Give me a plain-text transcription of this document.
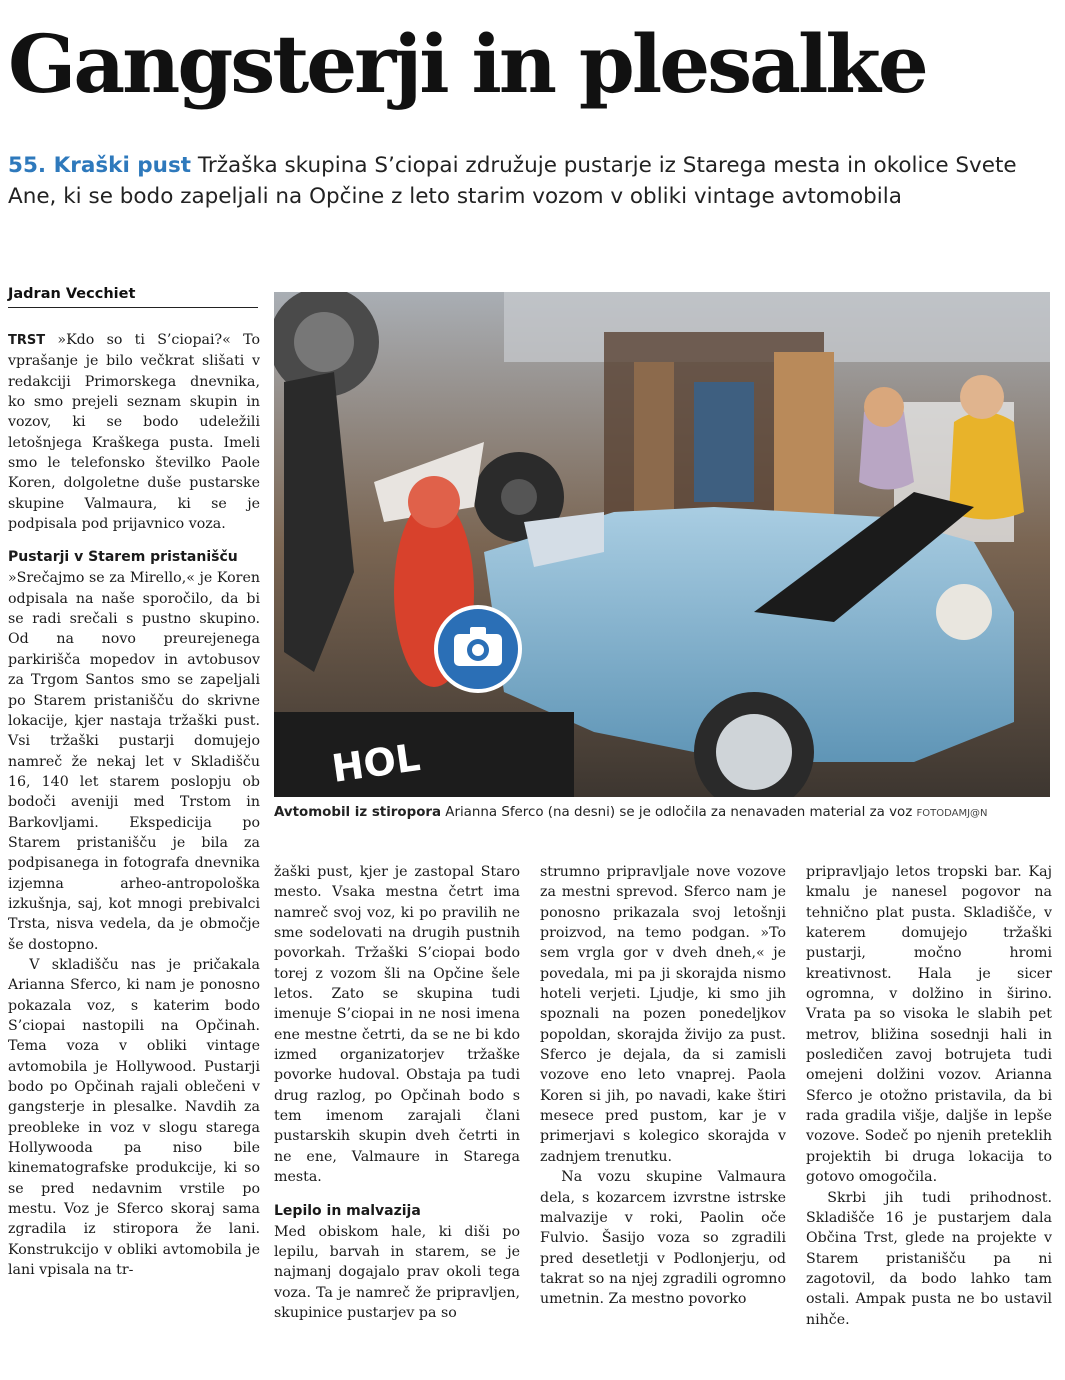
Gangsterji in plesalke

55. Kraški pust Tržaška skupina S’ciopai združuje pustarje iz Starega mesta in okolice Svete Ane, ki se bodo zapeljali na Opčine z leto starim vozom v obliki vintage avtomobila

Jadran Vecchiet
HOL

Avtomobil iz stiropora Arianna Sferco (na desni) se je odločila za nenavaden material za voz FOTODAMJ@N

TRST »Kdo so ti S’ciopai?« To vprašanje je bilo večkrat slišati v redakciji Primorskega dnevnika, ko smo prejeli seznam skupin in vozov, ki se bodo udeležili letošnjega Kraškega pusta. Imeli smo le telefonsko številko Paole Koren, dolgoletne duše pustarske skupine Valmaura, ki se je podpisala pod prijavnico voza.

Pustarji v Starem pristanišču

»Srečajmo se za Mirello,« je Koren odpisala na naše sporočilo, da bi se radi srečali s pustno skupino. Od na novo preurejenega parkirišča mopedov in avtobusov za Trgom Santos smo se zapeljali po Starem pristanišču do skrivne lokacije, kjer nastaja tržaški pust. Vsi tržaški pustarji domujejo namreč že nekaj let v Skladišču 16, 140 let starem poslopju ob bodoči aveniji med Trstom in Barkovljami. Ekspedicija po Starem pristanišču je bila za podpisanega in fotografa dnevnika izjemna arheo-antropološka izkušnja, saj, kot mnogi prebivalci Trsta, nisva vedela, da je območje še dostopno.

V skladišču nas je pričakala Arianna Sferco, ki nam je ponosno pokazala voz, s katerim bodo S’ciopai nastopili na Opčinah. Tema voza v obliki vintage avtomobila je Hollywood. Pustarji bodo po Opčinah rajali oblečeni v gangsterje in plesalke. Navdih za preobleke in voz v slogu starega Hollywooda pa niso bile kinematografske produkcije, ki so se pred nedavnim vrstile po mestu. Voz je Sferco skoraj sama zgradila iz stiropora že lani. Konstrukcijo v obliki avtomobila je lani vpisala na tr-

žaški pust, kjer je zastopal Staro mesto. Vsaka mestna četrt ima namreč svoj voz, ki po pravilih ne sme sodelovati na drugih pustnih povorkah. Tržaški S’ciopai bodo torej z vozom šli na Opčine šele letos. Zato se skupina tudi imenuje S’ciopai in ne nosi imena ene mestne četrti, da se ne bi kdo izmed organizatorjev tržaške povorke hudoval. Obstaja pa tudi drug razlog, po Opčinah bodo s tem imenom zarajali člani pustarskih skupin dveh četrti in ne ene, Valmaure in Starega mesta.

Lepilo in malvazija

Med obiskom hale, ki diši po lepilu, barvah in starem, se je najmanj dogajalo prav okoli tega voza. Ta je namreč že pripravljen, skupinice pustarjev pa so

strumno pripravljale nove vozove za mestni sprevod. Sferco nam je ponosno prikazala svoj letošnji proizvod, na temo podgan. »To sem vrgla gor v dveh dneh,« je povedala, mi pa ji skorajda nismo hoteli verjeti. Ljudje, ki smo jih spoznali na pozen ponedeljkov popoldan, skorajda živijo za pust. Sferco je dejala, da si zamisli vozove eno leto vnaprej. Paola Koren si jih, po navadi, kake štiri mesece pred pustom, kar je v primerjavi s kolegico skorajda v zadnjem trenutku.

Na vozu skupine Valmaura dela, s kozarcem izvrstne istrske malvazije v roki, Paolin oče Fulvio. Šasijo voza so zgradili pred desetletji v Podlonjerju, od takrat so na njej zgradili ogromno umetnin. Za mestno povorko

pripravljajo letos tropski bar. Kaj kmalu je nanesel pogovor na tehnično plat pusta. Skladišče, v katerem domujejo tržaški pustarji, močno hromi kreativnost. Hala je sicer ogromna, v dolžino in širino. Vrata pa so visoka le slabih pet metrov, bližina sosednji hali in posledičen zavoj botrujeta tudi omejeni dolžini vozov. Arianna Sferco je otožno pristavila, da bi rada gradila višje, daljše in lepše vozove. Sodeč po njenih preteklih projektih bi druga lokacija to gotovo omogočila.

Skrbi jih tudi prihodnost. Skladišče 16 je pustarjem dala Občina Trst, glede na projekte v Starem pristanišču pa ni zagotovil, da bodo lahko tam ostali. Ampak pusta ne bo ustavil nihče.
